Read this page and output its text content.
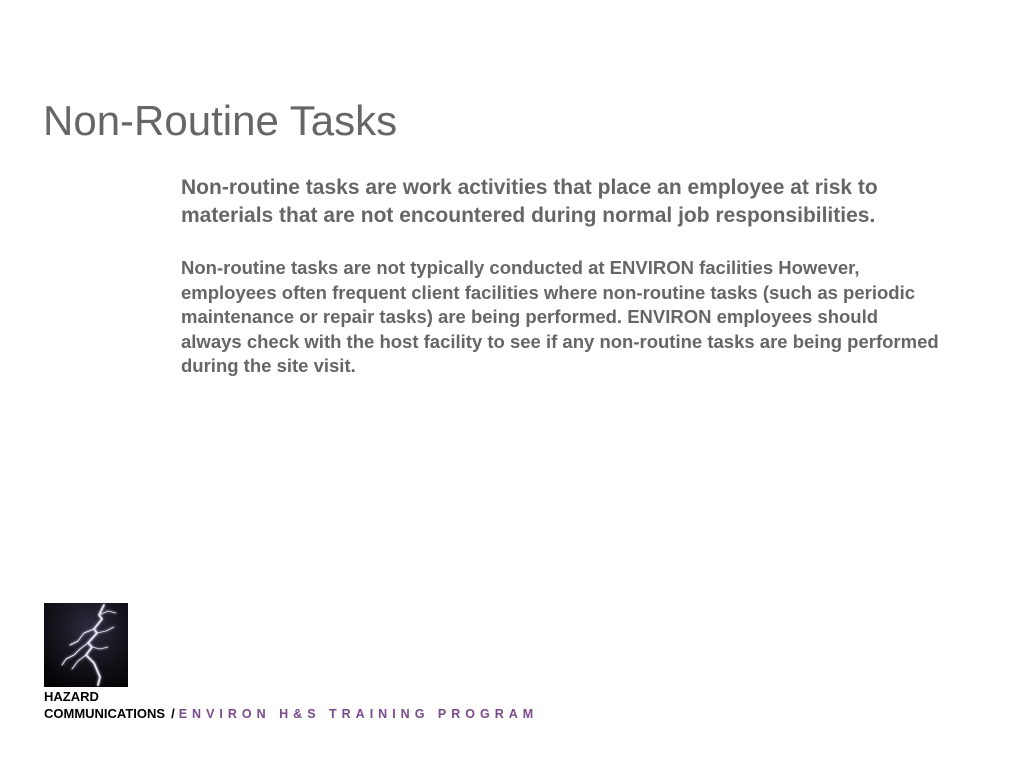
Non-Routine Tasks

Non-routine tasks are work activities that place an employee at risk to materials that are not encountered during normal job responsibilities.

Non-routine tasks are not typically conducted at ENVIRON facilities However, employees often frequent client facilities where non-routine tasks (such as periodic maintenance or repair tasks) are being performed. ENVIRON employees should always check with the host facility to see if any non-routine tasks are being performed during the site visit.

HAZARD
COMMUNICATIONS / ENVIRON H&S TRAINING PROGRAM
